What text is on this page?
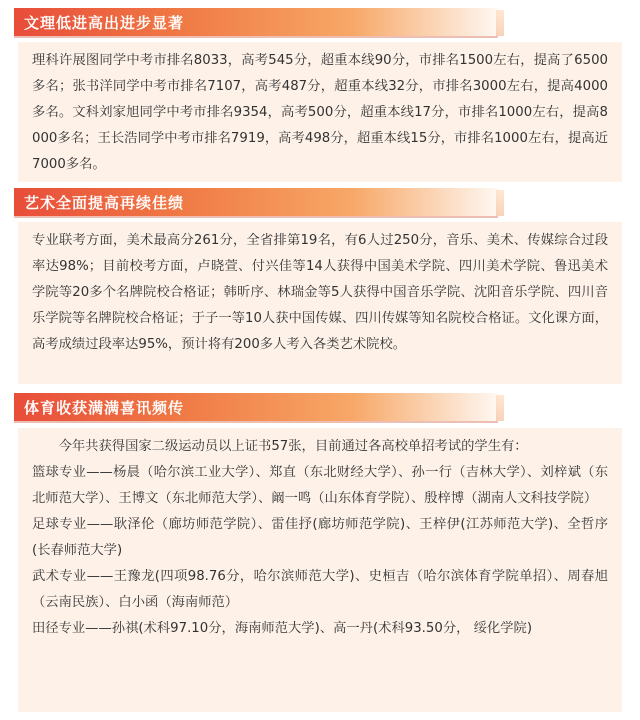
文理低进高出进步显著

理科许展图同学中考市排名8033，高考545分，超重本线90分，市排名1500左右，提高了6500多名；张书洋同学中考市排名7107，高考487分，超重本线32分，市排名3000左右，提高4000多名。文科刘家旭同学中考市排名9354，高考500分，超重本线17分，市排名1000左右，提高8000多名；王长浩同学中考市排名7919，高考498分，超重本线15分，市排名1000左右，提高近7000多名。

艺术全面提高再续佳绩

专业联考方面，美术最高分261分，全省排第19名，有6人过250分，音乐、美术、传媒综合过段率达98%；目前校考方面，卢晓萱、付兴佳等14人获得中国美术学院、四川美术学院、鲁迅美术学院等20多个名牌院校合格证；韩昕序、林瑞金等5人获得中国音乐学院、沈阳音乐学院、四川音乐学院等名牌院校合格证；于子一等10人获中国传媒、四川传媒等知名院校合格证。文化课方面，高考成绩过段率达95%，预计将有200多人考入各类艺术院校。

体育收获满满喜讯频传

今年共获得国家二级运动员以上证书57张，目前通过各高校单招考试的学生有：

篮球专业——杨晨（哈尔滨工业大学）、郑直（东北财经大学）、孙一行（吉林大学）、刘梓斌（东北师范大学）、王博文（东北师范大学）、阚一鸣（山东体育学院）、殷梓博（湖南人文科技学院）

足球专业——耿泽伦（廊坊师范学院）、雷佳抒(廊坊师范学院)、王梓伊(江苏师范大学)、全哲序(长春师范大学)

武术专业——王豫龙(四项98.76分，哈尔滨师范大学)、史桓吉（哈尔滨体育学院单招）、周春旭（云南民族）、白小函（海南师范）

田径专业——孙祺(术科97.10分，海南师范大学)、高一丹(术科93.50分， 绥化学院)
